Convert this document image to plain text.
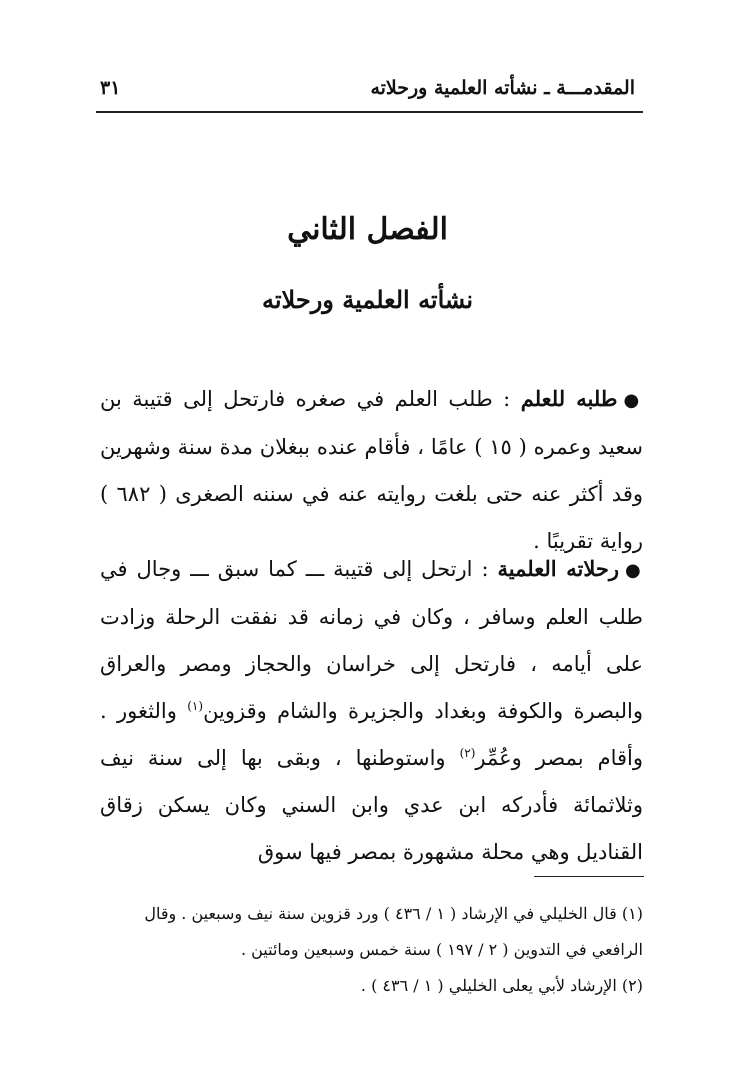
المقدمـــة ـ نشأته العلمية ورحلاته
٣١
الفصل الثاني
نشأته العلمية ورحلاته

●طلبه للعلم : طلب العلم في صغره فارتحل إلى قتيبة بن سعيد وعمره ( ١٥ ) عامًا ، فأقام عنده ببغلان مدة سنة وشهرين وقد أكثر عنه حتى بلغت روايته عنه في سننه الصغرى ( ٦٨٢ ) رواية تقريبًا .

●رحلاته العلمية : ارتحل إلى قتيبة ـــ كما سبق ـــ وجال في طلب العلم وسافر ، وكان في زمانه قد نفقت الرحلة وزادت على أيامه ، فارتحل إلى خراسان والحجاز ومصر والعراق والبصرة والكوفة وبغداد والجزيرة والشام وقزوين$^{(١)}$ والثغور . وأقام بمصر وعُمِّر$^{(٢)}$ واستوطنها ، وبقى بها إلى سنة نيف وثلاثمائة فأدركه ابن عدي وابن السني وكان يسكن زقاق القناديل وهي محلة مشهورة بمصر فيها سوق

(١) قال الخليلي في الإرشاد ( ١ / ٤٣٦ ) ورد قزوين سنة نيف وسبعين . وقال الرافعي في التدوين ( ٢ / ١٩٧ ) سنة خمس وسبعين ومائتين .

(٢) الإرشاد لأبي يعلى الخليلي ( ١ / ٤٣٦ ) .
